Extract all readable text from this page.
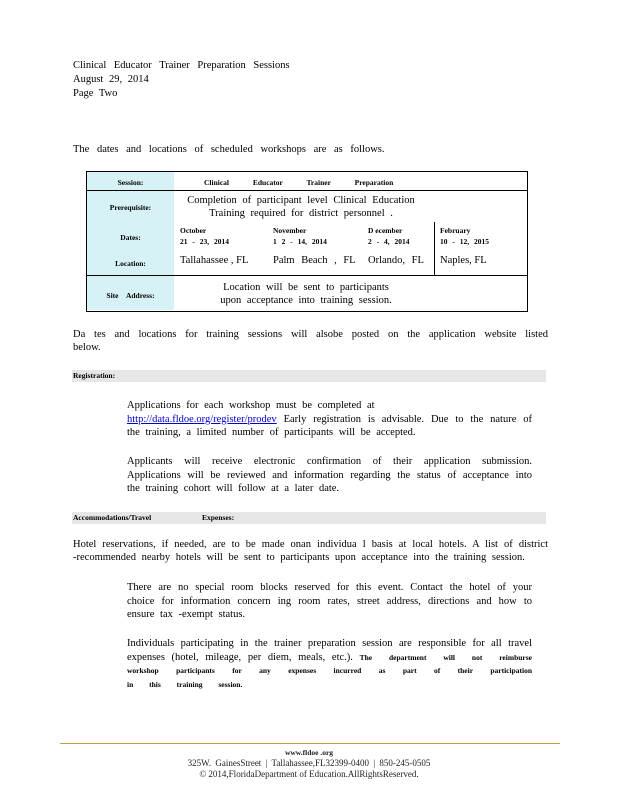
Clinical Educator Trainer Preparation Sessions

August 29, 2014

Page Two

The dates and locations of scheduled workshops are as follows.

Session:	Clinical Educator Trainer Preparation
Prerequisite:
Completion of participant level Clinical Education
Training required for district personnel .
Dates:
Location:
October
21 - 23, 2014
Tallahassee , FL
November
1 2 - 14, 2014
Palm Beach , FL
D ecember
2 - 4, 2014
Orlando, FL
February
10 - 12, 2015
Naples, FL
Site Address:
Location will be sent to participants
upon acceptance into training session.

Da tes and locations for training sessions will alsobe posted on the application website listed below.

Registration:
Applications for each workshop must be completed at
http://data.fldoe.org/register/prodev Early registration is advisable. Due to the nature of the training, a limited number of participants will be accepted.

Applicants will receive electronic confirmation of their application submission. Applications will be reviewed and information regarding the status of acceptance into the training cohort will follow at a later date.

Accommodations/Travel	Expenses:

Hotel reservations, if needed, are to be made onan individua l basis at local hotels. A list of district -recommended nearby hotels will be sent to participants upon acceptance into the training session.

There are no special room blocks reserved for this event. Contact the hotel of your choice for information concern ing room rates, street address, directions and how to ensure tax -exempt status.

Individuals participating in the trainer preparation session are responsible for all travel expenses (hotel, mileage, per diem, meals, etc.). The department will not reimburse workshop participants for any expenses incurred as part of their participation in this training session.
www.fldoe .org
325W. GainesStreet | Tallahassee,FL32399-0400 | 850-245-0505
© 2014,FloridaDepartment of Education.AllRightsReserved.
